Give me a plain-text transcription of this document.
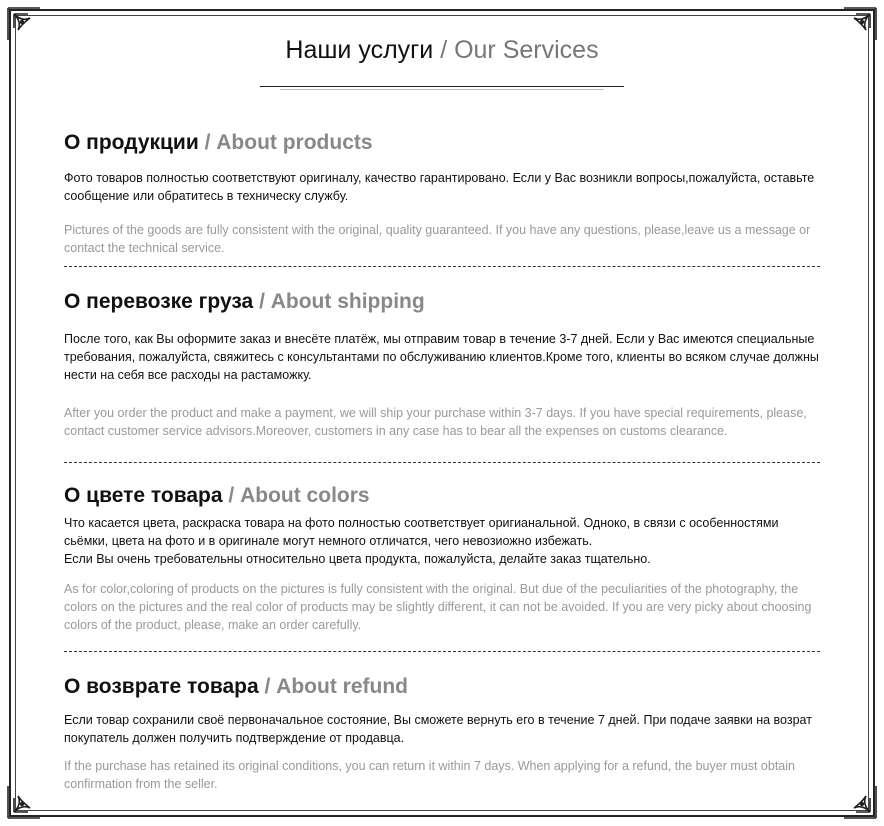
Наши услуги / Our Services
О продукции / About products

Фото товаров полностью соответствуют оригиналу, качество гарантировано. Если у Вас возникли вопросы,пожалуйста, оставьте сообщение или обратитесь в техническу службу.

Pictures of the goods are fully consistent with the original, quality guaranteed. If you have any questions, please,leave us a message or contact the technical service.

О перевозке груза / About shipping

После того, как Вы оформите заказ и внесёте платёж, мы отправим товар в течение 3-7 дней. Если у Вас имеются специальные требования, пожалуйста, свяжитесь с консультантами по обслуживанию клиентов.Кроме того, клиенты во всяком случае должны нести на себя все расходы на растаможку.

After you order the product and make a payment, we will ship your purchase within 3-7 days. If you have special requirements, please, contact customer service advisors.Moreover, customers in any case has to bear all the expenses on customs clearance.

О цвете товара / About colors

Что касается цвета, раскраска товара на фото полностью соответствует оригианальной. Одноко, в связи с особенностями сьёмки, цвета на фото и в оригинале могут немного отличатся, чего невозиожно избежать.

Если Вы очень требовательны относительно цвета продукта, пожалуйста, делайте заказ тщательно.

As for color,coloring of products on the pictures is fully consistent with the original. But due of the peculiarities of the photography, the colors on the pictures and the real color of products may be slightly different, it can not be avoided. If you are very picky about choosing colors of the product, please, make an order carefully.

О возврате товара / About refund

Если товар сохранили своё первоначальное состояние, Вы сможете вернуть его в течение 7 дней. При подаче заявки на возрат покупатель должен получить подтверждение от продавца.

If the purchase has retained its original conditions, you can return it within 7 days. When applying for a refund, the buyer must obtain confirmation from the seller.
